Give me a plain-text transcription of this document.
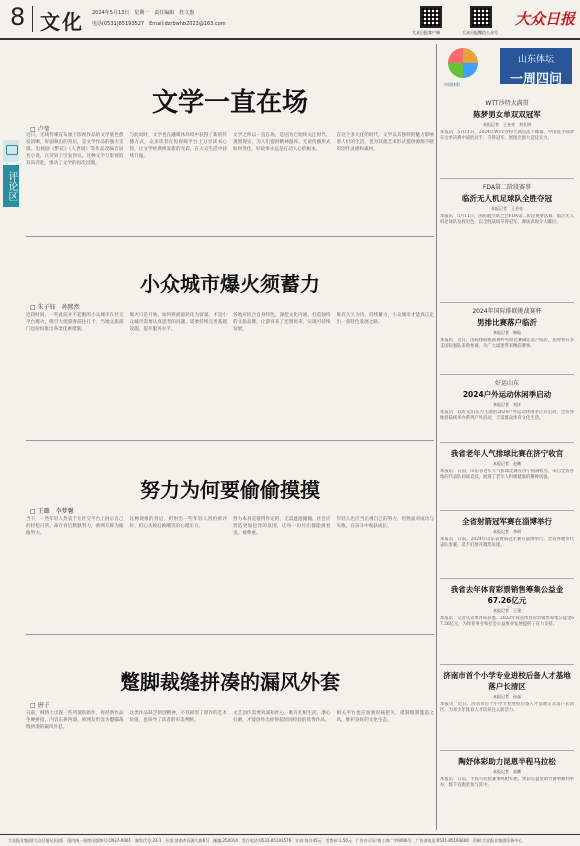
8 文化 2024年5月13日　星期一　责任编辑　杜文惠
电话(0531)85193527　Email:dzrbwhb2023@163.com
大众日报客户端	大众日报微信公众号
大众日报
评论区
文学一直在场
□ 卢莹
近日，光线传媒宣布旗下影视作品的文学底色愈发清晰，好剧频出的背后，是文学作品的强力支撑。电视剧《繁花》《人世间》等作品改编自同名小说，在荧屏上引发热议。这种文学与影视的双向奔赴，推动了文学的再次出圈。
与此同时，文学也在融媒体环境中获得了新的传播方式，众多读者在短视频平台上分享读书心得，让文学经典焕发新的光彩，在大众生活中持续升温。
文学之所以一直在场，是因为它始终关注时代、观照现实，为人们提供精神滋养。无论传播形式如何变化，好故事永远是打动人心的根本。
在这个多元化的时代，文学以其独特的魅力影响着人们的生活，也为其他艺术形式提供源源不断的创作灵感和素材。
小众城市爆火须蓄力
□ 朱子钰　孙熙然
近段时间，一些此前并不起眼的小众城市在社交平台爆火，吸引大批游客前往打卡，当地文旅部门也纷纷推出各类优惠措施。
爆火只是开始，如何将流量转化为留量，才是小众城市需要认真思考的问题。需要持续完善基础设施，提升服务水平。
各地应结合自身特色，深挖文化内涵，打造独特的文旅品牌，让游客来了还想再来，实现可持续发展。
唯有久久为功，持续蓄力，小众城市才能真正走出一条特色发展之路。
努力为何要偷偷摸摸
□ 王璐　李梦馨
当下，一些年轻人热衷于在社交平台上展示自己的轻松日常，却在背后默默努力，被网友称为偷偷努力。
这种现象的背后，折射出一些年轻人害怕被评价、担心失败后被嘲笑的心理压力。
努力本身是值得肯定的，无需遮遮掩掩。社会应营造更加包容的氛围，让每一份付出都能被看见、被尊重。
年轻人也应当正视自己的努力，坦然面对成功与失败，在奋斗中收获成长。
蹩脚裁缝拼凑的漏风外套
□ 唐子
日前，网络上出现一些所谓的新作，将经典作品生硬拼接，内容东拼西凑，被网友形容为蹩脚裁缝拼凑的漏风外套。
这类作品缺乏原创精神，不仅损害了原作的艺术价值，也误导了读者的审美判断。
文艺创作需要真诚和匠心，唯有扎根生活、潜心打磨，才能创作出经得起时间检验的优秀作品。
相关平台也应加强审核把关，抵制粗制滥造之风，维护良好的文化生态。
中国体彩
山东体坛
一周四问
WTT沙特大满贯
陈梦男女单双双冠军
本报记者　王金亮　刘长明
本报讯　5月11日，2024年WTT沙特大满贯落下帷幕。中国选手陈梦在女单决赛中战胜对手，夺得冠军，展现出强大竞技实力。
FDA第二阶段赛事
临沂无人机足球队全胜夺冠
本报记者　王金亮
本报讯　5月11日，国际航空联合会FDA第二阶段赛事落幕，临沂无人机足球队发挥出色，以全胜战绩夺得冠军，赛场表现令人瞩目。
2024年国际排联挑战赛杯
男排比赛落户临沂
本报记者　韩振
本报讯　近日，国际排联挑战赛杯男排比赛确定落户临沂，届时将有多支国际强队来鲁参赛，为广大球迷带来精彩赛事。
好运山东
2024户外运动休闲季启动
本报记者　刘洋
本报讯　以好运山东为主题的2024户外运动休闲季正式启动，全省各地将陆续举办系列户外活动，丰富群众体育文化生活。
我省老年人气排球比赛在济宁收官
本报记者　赵鹏
本报讯　日前，山东省老年人气排球比赛在济宁圆满收官，来自全省各地的代表队同场竞技，展现了老年人积极健康的精神风貌。
全省射箭冠军赛在淄博举行
本报记者　李明
本报讯　日前，2024年山东省射箭冠军赛在淄博举行，全省各地市代表队参赛，选手们展开激烈角逐。
我省去年体育彩票销售筹集公益金67.26亿元
本报记者　王建
本报讯　记者从省体育局获悉，2023年我省体育彩票销售筹集公益金67.26亿元，为体育事业和社会公益事业发展提供了有力支持。
济南市首个小学专业进校后备人才基地落户长清区
本报记者　孙磊
本报讯　近日，济南市首个小学专业进校后备人才基地正式落户长清区，为青少年体育人才培养注入新活力。
陶妤体彩助力昆恩半程马拉松
本报记者　高鹏
本报讯　日前，半程马拉松赛事鸣枪开跑，体彩公益金助力赛事顺利举办，数千名跑者参与其中。
大众报业集团(大众日报社)出版　国内统一连续出版物号:CN37-0001　邮发代号:23-1　社址:济南市泺源大街6号　邮编:250014　发行电话:0531-85193576　订价:每月45元　零售价:1.50元　广告许可证:鲁工商广字0006号　广告部电话:0531-85193600　印刷:大众报业集团印务中心
